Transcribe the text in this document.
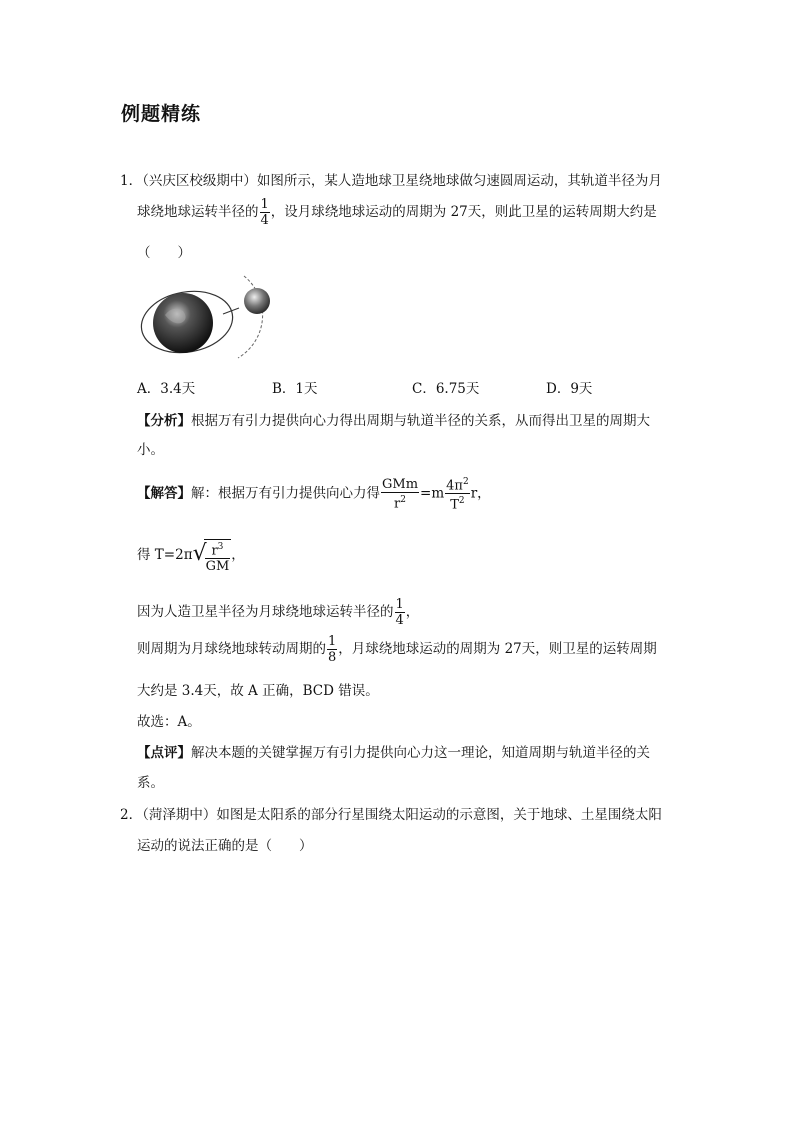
例题精练
1．（兴庆区校级期中）如图所示，某人造地球卫星绕地球做匀速圆周运动，其轨道半径为月
球绕地球运转半径的 $\frac{1}{4}$ ，设月球绕地球运动的周期为 27天，则此卫星的运转周期大约是
（　　）
A．3.4天	B．1天	C．6.75天	D．9天
【分析】根据万有引力提供向心力得出周期与轨道半径的关系，从而得出卫星的周期大
小。
【解答】解：根据万有引力提供向心力得 $\frac{\text{GMm}}{r^2} =m \frac{4\pi^2}{T^2}$ r，
得 T=2π √
$\frac{r^3}{GM}$ ，
因为人造卫星半径为月球绕地球运转半径的 $\frac{1}{4}$ ，
则周期为月球绕地球转动周期的 $\frac{1}{8}$ ，月球绕地球运动的周期为 27天，则卫星的运转周期
大约是 3.4天，故 A 正确，BCD 错误。
故选：A。
【点评】解决本题的关键掌握万有引力提供向心力这一理论，知道周期与轨道半径的关
系。
2．（菏泽期中）如图是太阳系的部分行星围绕太阳运动的示意图，关于地球、土星围绕太阳
运动的说法正确的是（　　）
